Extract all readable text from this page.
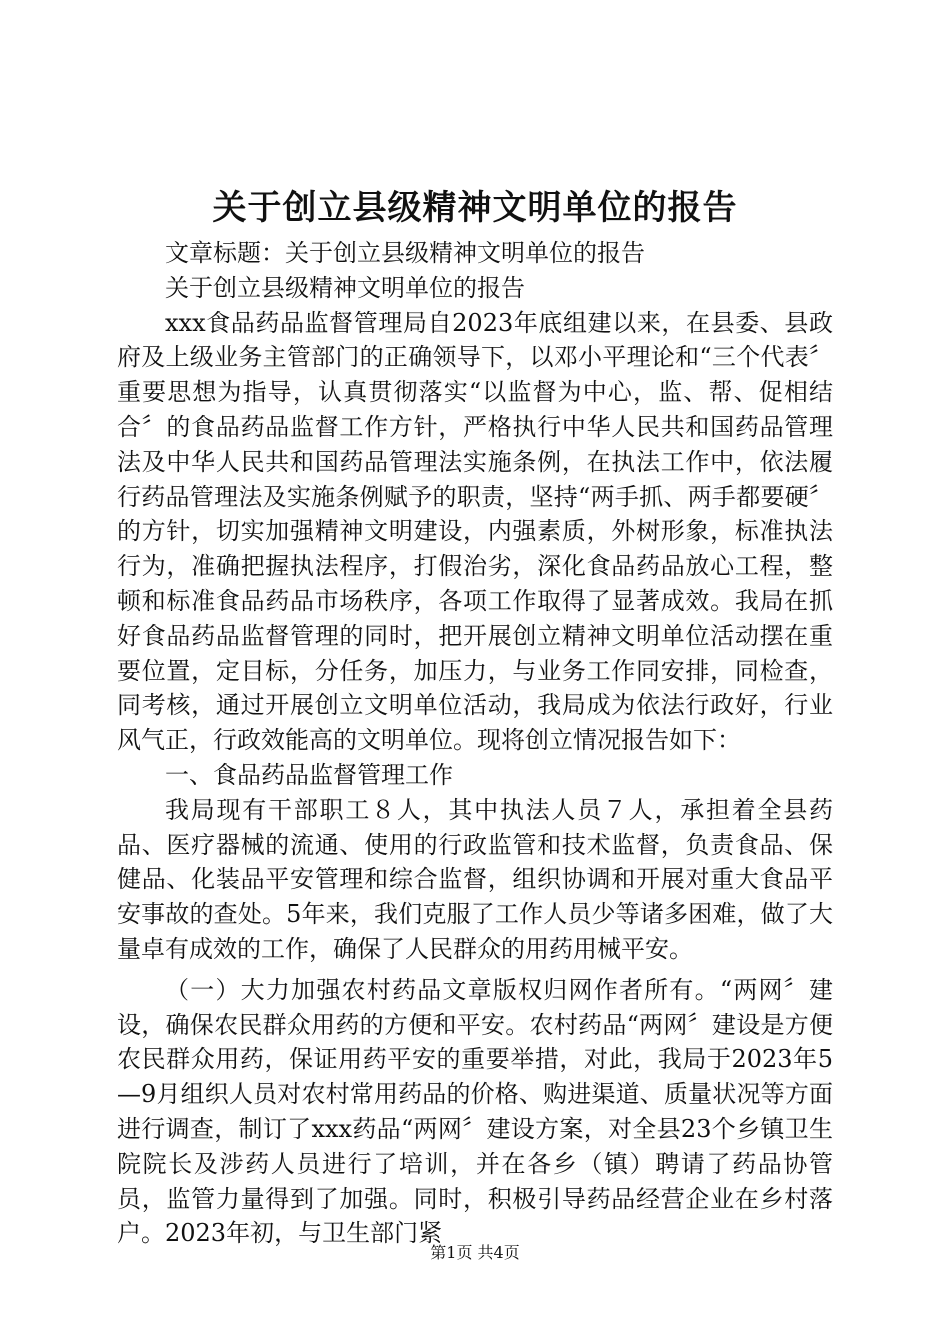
关于创立县级精神文明单位的报告

文章标题：关于创立县级精神文明单位的报告

关于创立县级精神文明单位的报告

xxx食品药品监督管理局自2023年底组建以来，在县委、县政府及上级业务主管部门的正确领导下，以邓小平理论和“三个代表〞重要思想为指导，认真贯彻落实“以监督为中心，监、帮、促相结合〞的食品药品监督工作方针，严格执行中华人民共和国药品管理法及中华人民共和国药品管理法实施条例，在执法工作中，依法履行药品管理法及实施条例赋予的职责，坚持“两手抓、两手都要硬〞的方针，切实加强精神文明建设，内强素质，外树形象，标准执法行为，准确把握执法程序，打假治劣，深化食品药品放心工程，整顿和标准食品药品市场秩序，各项工作取得了显著成效。我局在抓好食品药品监督管理的同时，把开展创立精神文明单位活动摆在重要位置，定目标，分任务，加压力，与业务工作同安排，同检查，同考核，通过开展创立文明单位活动，我局成为依法行政好，行业风气正，行政效能高的文明单位。现将创立情况报告如下：

一、食品药品监督管理工作

我局现有干部职工８人，其中执法人员７人，承担着全县药品、医疗器械的流通、使用的行政监管和技术监督，负责食品、保健品、化装品平安管理和综合监督，组织协调和开展对重大食品平安事故的查处。5年来，我们克服了工作人员少等诸多困难，做了大量卓有成效的工作，确保了人民群众的用药用械平安。

（一）大力加强农村药品文章版权归网作者所有。“两网〞建设，确保农民群众用药的方便和平安。农村药品“两网〞建设是方便农民群众用药，保证用药平安的重要举措，对此，我局于2023年5—9月组织人员对农村常用药品的价格、购进渠道、质量状况等方面进行调查，制订了xxx药品“两网〞建设方案，对全县23个乡镇卫生院院长及涉药人员进行了培训，并在各乡（镇）聘请了药品协管员，监管力量得到了加强。同时，积极引导药品经营企业在乡村落户。2023年初，与卫生部门紧

第1页 共4页
